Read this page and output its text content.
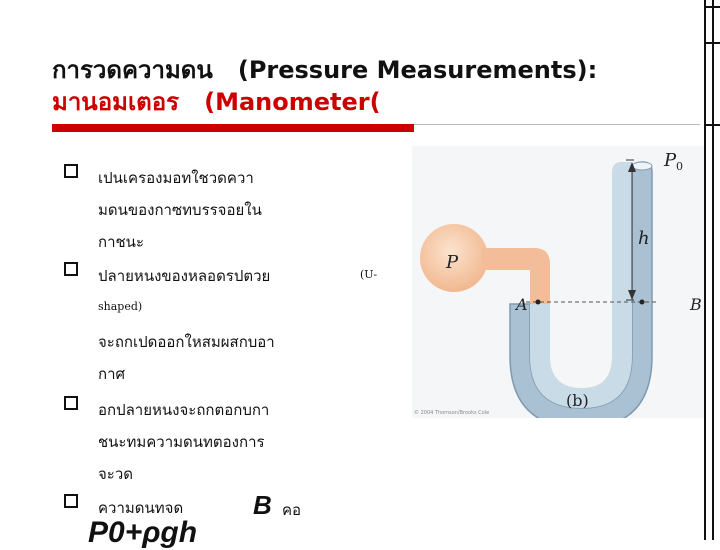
การวดความดน   (Pressure Measurements):
มานอมเตอร   (Manometer(
เปนเครองมอทใชวดควา
มดนของกาซทบรรจอยใน
กาชนะ
ปลายหนงของหลอดรปตวย	(U-
shaped)
จะถกเปดออกใหสมผสกบอา
กาศ
อกปลายหนงจะถกตอกบกา
ชนะทมความดนทตองการ
จะวด
ความดนทจด	B คอ
P0+ρgh
P 0
h
P
A	B
(b)
© 2004 Thomson/Brooks Cole
